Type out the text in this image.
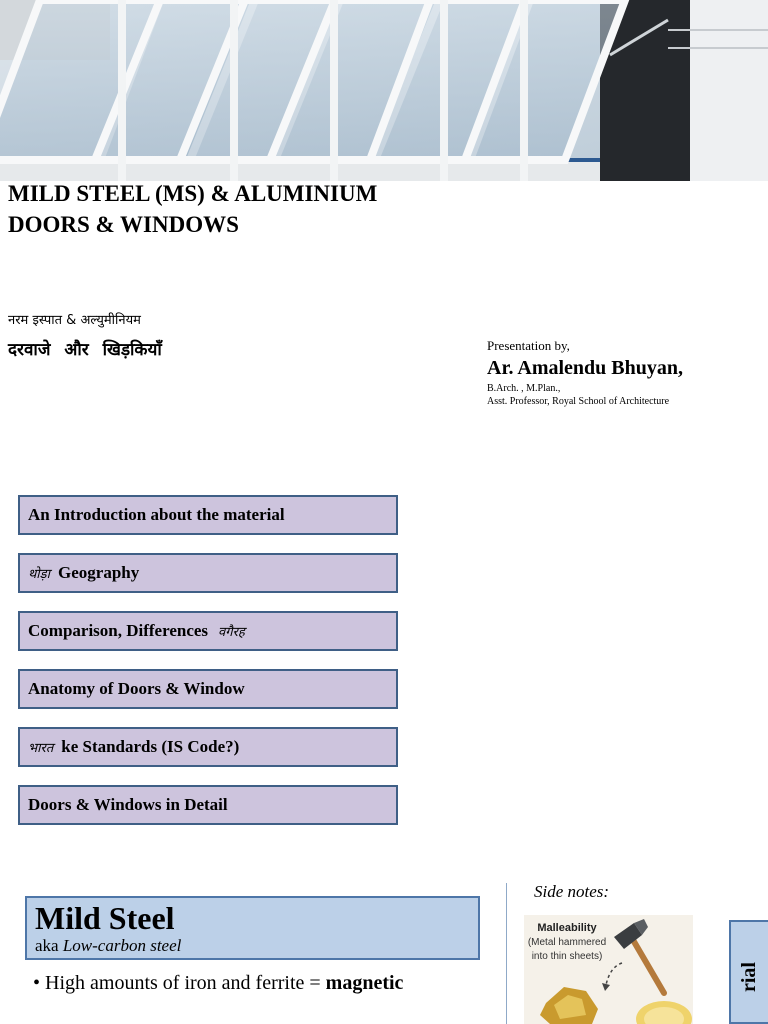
MILD STEEL (MS) & ALUMINIUM
DOORS & WINDOWS
नरम इस्पात & अल्युमीनियम
दरवाजे और खिड़कियाँ	Presentation by,
Ar. Amalendu Bhuyan,
B.Arch. , M.Plan.,
Asst. Professor, Royal School of Architecture
An Introduction about the material
थोड़ा Geography
Comparison, Differences वगैरह
Anatomy of Doors & Window
भारत ke Standards (IS Code?)
Doors & Windows in Detail
Mild Steel
aka Low-carbon steel
• High amounts of iron and ferrite = magnetic
Side notes:
Malleability
(Metal hammered into thin sheets)
rial
